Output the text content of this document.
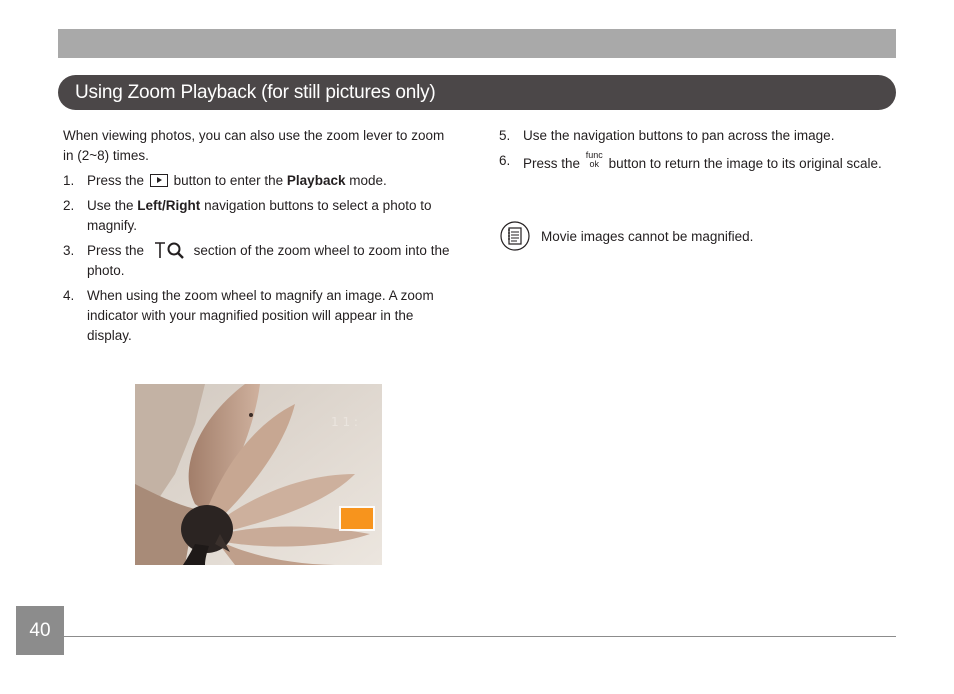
Using Zoom Playback (for still pictures only)

When viewing photos, you can also use the zoom lever to zoom in (2~8) times.

1. Press the button to enter the Playback mode.
2. Use the Left/Right navigation buttons to select a photo to magnify.
3. Press the	section of the zoom wheel to zoom into the photo.
4. When using the zoom wheel to magnify an image. A zoom indicator with your magnified position will appear in the display.
5. Use the navigation buttons to pan across the image.
6. Press the
func
ok button to return the image to its original scale.
Movie images cannot be magnified.
1 1 :
40
